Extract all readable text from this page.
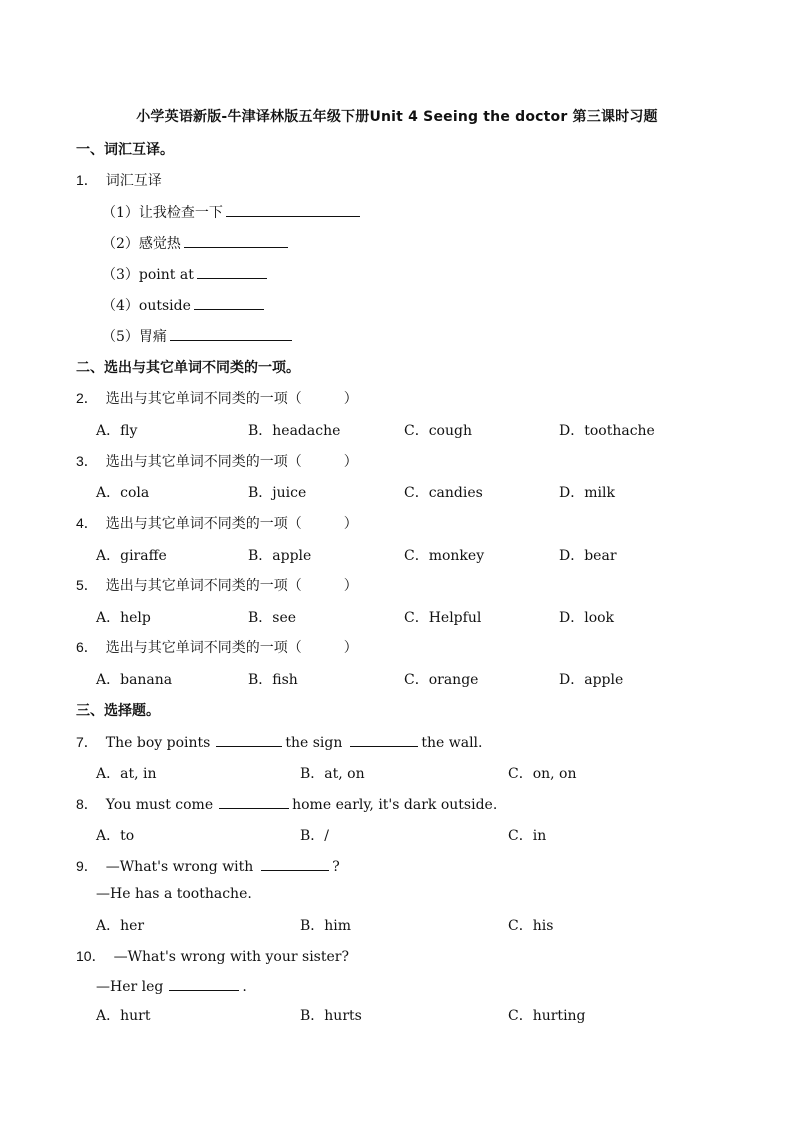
小学英语新版-牛津译林版五年级下册Unit 4 Seeing the doctor 第三课时习题
一、词汇互译。
1． 词汇互译
（1）让我检查一下
（2）感觉热
（3）point at
（4）outside
（5）胃痛
二、选出与其它单词不同类的一项。
2． 选出与其它单词不同类的一项（	）
A．fly	B．headache	C．cough	D．toothache
3． 选出与其它单词不同类的一项（	）
A．cola	B．juice	C．candies	D．milk
4． 选出与其它单词不同类的一项（	）
A．giraffe	B．apple	C．monkey	D．bear
5． 选出与其它单词不同类的一项（	）
A．help	B．see	C．Helpful	D．look
6． 选出与其它单词不同类的一项（	）
A．banana	B．fish	C．orange	D．apple
三、选择题。
7． The boy points	the sign	the wall.
A．at, in	B．at, on	C．on, on
8． You must come	home early, it's dark outside.
A．to	B．/	C．in
9． —What's wrong with	?
—He has a toothache.
A．her	B．him	C．his
10． —What's wrong with your sister?
—Her leg	.
A．hurt	B．hurts	C．hurting
